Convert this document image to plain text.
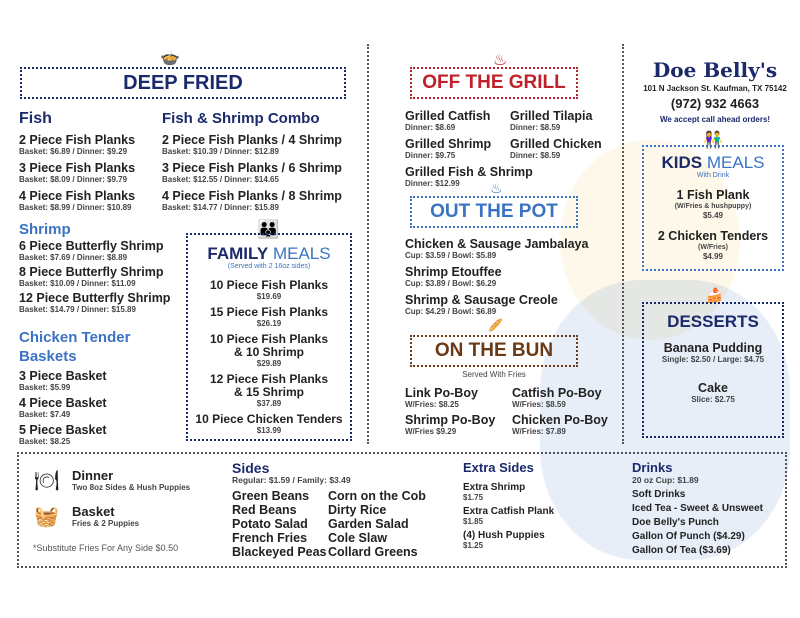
🍲
DEEP FRIED
Fish
2 Piece Fish Planks
Basket: $6.89 / Dinner: $9.29
3 Piece Fish Planks
Basket: $8.09 / Dinner: $9.79
4 Piece Fish Planks
Basket: $8.99 / Dinner: $10.89
Fish & Shrimp Combo
2 Piece Fish Planks / 4 Shrimp
Basket: $10.39 / Dinner: $12.89
3 Piece Fish Planks / 6 Shrimp
Basket: $12.55 / Dinner: $14.65
4 Piece Fish Planks / 8 Shrimp
Basket: $14.77 / Dinner: $15.89
Shrimp
6 Piece Butterfly Shrimp
Basket: $7.69 / Dinner: $8.89
8 Piece Butterfly Shrimp
Basket: $10.09 / Dinner: $11.09
12 Piece Butterfly Shrimp
Basket: $14.79 / Dinner: $15.89
Chicken Tender
Baskets
3 Piece Basket
Basket: $5.99
4 Piece Basket
Basket: $7.49
5 Piece Basket
Basket: $8.25
👪
FAMILY MEALS
(Served with 2 16oz sides)
10 Piece Fish Planks
$19.69
15 Piece Fish Planks
$26.19
10 Piece Fish Planks
& 10 Shrimp
$29.89
12 Piece Fish Planks
& 15 Shrimp
$37.89
10 Piece Chicken Tenders
$13.99
♨
OFF THE GRILL
Grilled Catfish
Dinner: $8.69
Grilled Tilapia
Dinner: $8.59
Grilled Shrimp
Dinner: $9.75
Grilled Chicken
Dinner: $8.59
Grilled Fish & Shrimp
Dinner: $12.99	♨
OUT THE POT
Chicken & Sausage Jambalaya
Cup: $3.59 / Bowl: $5.89
Shrimp Etouffee
Cup: $3.89 / Bowl: $6.29
Shrimp & Sausage Creole
Cup: $4.29 / Bowl: $6.89
🥖
ON THE BUN
Served With Fries
Link Po-Boy
W/Fries: $8.25
Catfish Po-Boy
W/Fries: $8.59
Shrimp Po-Boy
W/Fries $9.29
Chicken Po-Boy
W/Fries: $7.89
Doe Belly's
101 N Jackson St. Kaufman, TX 75142
(972) 932 4663
We accept call ahead orders!
👫
KIDS MEALS
With Drink
1 Fish Plank
(W/Fries & hushpuppy)
$5.49
2 Chicken Tenders
(W/Fries)
$4.99
🍰
DESSERTS
Banana Pudding
Single: $2.50 / Large: $4.75
Cake
Slice: $2.75
🍽 Dinner
Two 8oz Sides & Hush Puppies
🧺 Basket
Fries & 2 Puppies
*Substitute Fries For Any Side $0.50
Sides
Regular: $1.59 / Family: $3.49
Green Beans
Red Beans
Potato Salad
French Fries
Blackeyed Peas
Corn on the Cob
Dirty Rice
Garden Salad
Cole Slaw
Collard Greens
Extra Sides
Extra Shrimp
$1.75
Extra Catfish Plank
$1.85
(4) Hush Puppies
$1.25
Drinks
20 oz Cup: $1.89
Soft Drinks
Iced Tea - Sweet & Unsweet
Doe Belly's Punch
Gallon Of Punch ($4.29)
Gallon Of Tea ($3.69)
